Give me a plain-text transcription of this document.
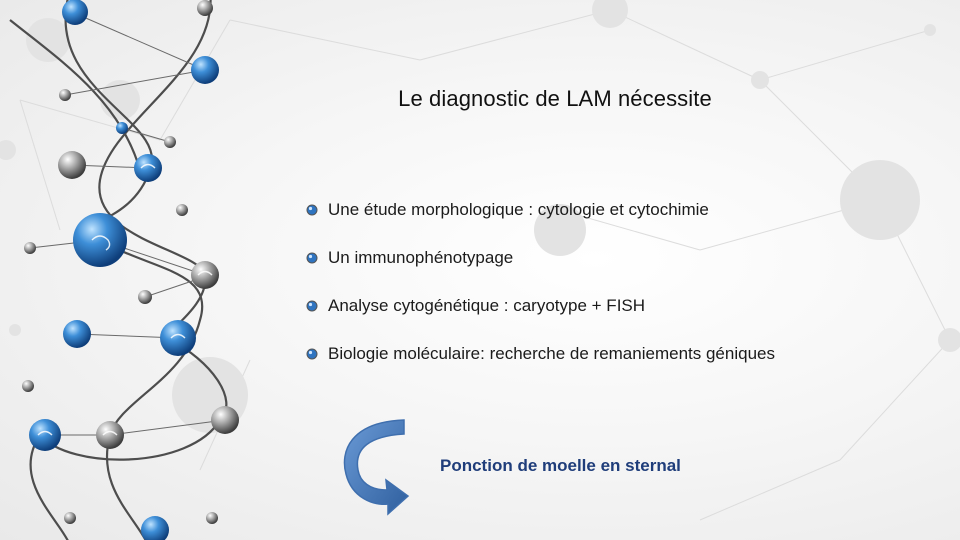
Le diagnostic de LAM nécessite
Une étude morphologique : cytologie et cytochimie
Un immunophénotypage
Analyse cytogénétique : caryotype + FISH
Biologie moléculaire: recherche de remaniements géniques
Ponction de moelle en sternal
